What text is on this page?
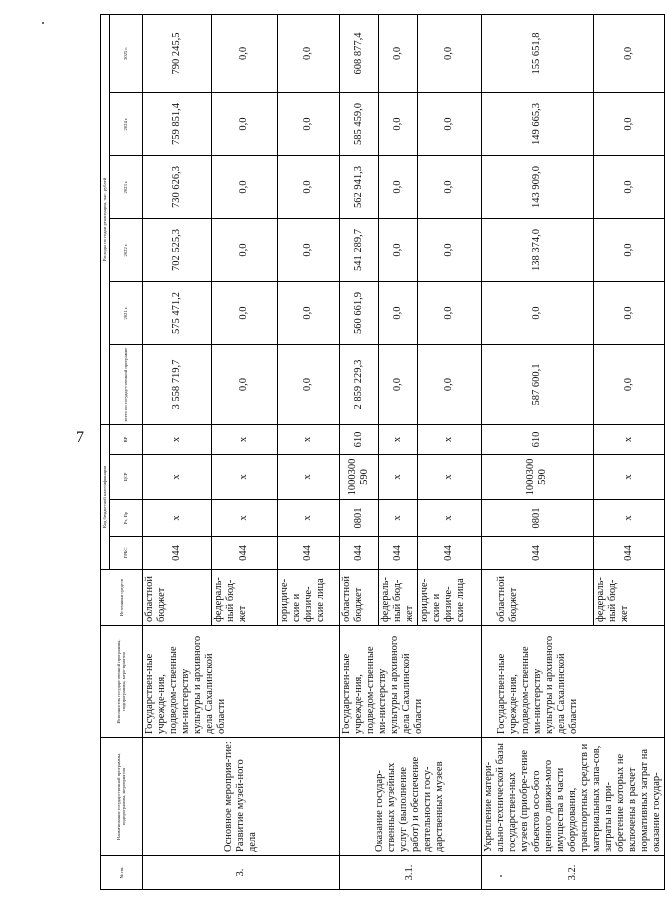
7
№ пп.	Наименование государственной программы, подпрограммы, мероприятия	Исполнитель государственной программы, подпрограммы, меро-приятия	Источники средств	Код бюджетной классификации				Расходы по годам реализации, тыс. рублей					
				ГРБС	Рз, Пр	ЦСР	ВР	всего по государ-ственной программе	2021 г.	2022 г.	2023 г.	2024 г.	2025 г.

3.	Основное мероприя-тие: Развитие музей-ного дела	Государствен-ные учрежде-ния, подведом-ственные ми-нистерству культуры и архивного дела Сахалинской области	областной бюджет	044	x	x	x	3 558 719,7	575 471,2	702 525,3	730 626,3	759 851,4	790 245,5
			федераль-ный бюд-жет	044	x	x	x	0,0	0,0	0,0	0,0	0,0	0,0
			юридиче-ские и физиче-ские лица	044	x	x	x	0,0	0,0	0,0	0,0	0,0	0,0
3.1.	Оказание государ-ственных музейных услуг (выполнение работ) и обеспечение деятельности госу-дарственных музеев	Государствен-ные учрежде-ния, подведом-ственные ми-нистерству культуры и архивного дела Сахалинской области	областной бюджет	044	0801	1000300 590	610	2 859 229,3	560 661,9	541 289,7	562 941,3	585 459,0	608 877,4
			федераль-ный бюд-жет	044	x	x	x	0,0	0,0	0,0	0,0	0,0	0,0
			юридиче-ские и физиче-ские лица	044	x	x	x	0,0	0,0	0,0	0,0	0,0	0,0
3.2.	Укрепление матери-ально-технической базы государствен-ных музеев (приобре-тение объектов осо-бого ценного движи-мого имущества в части оборудования, транспортных средств и материальных запа-сов, затраты на при-обретение которых не включены в расчет нормативных затрат на оказание государ-	Государствен-ные учрежде-ния, подведом-ственные ми-нистерству культуры и архивного дела Сахалинской области	областной бюджет	044	0801	1000300 590	610	587 600,1	0,0	138 374,0	143 909,0	149 665,3	155 651,8
			федераль-ный бюд-жет	044	x	x	x	0,0	0,0	0,0	0,0	0,0	0,0
